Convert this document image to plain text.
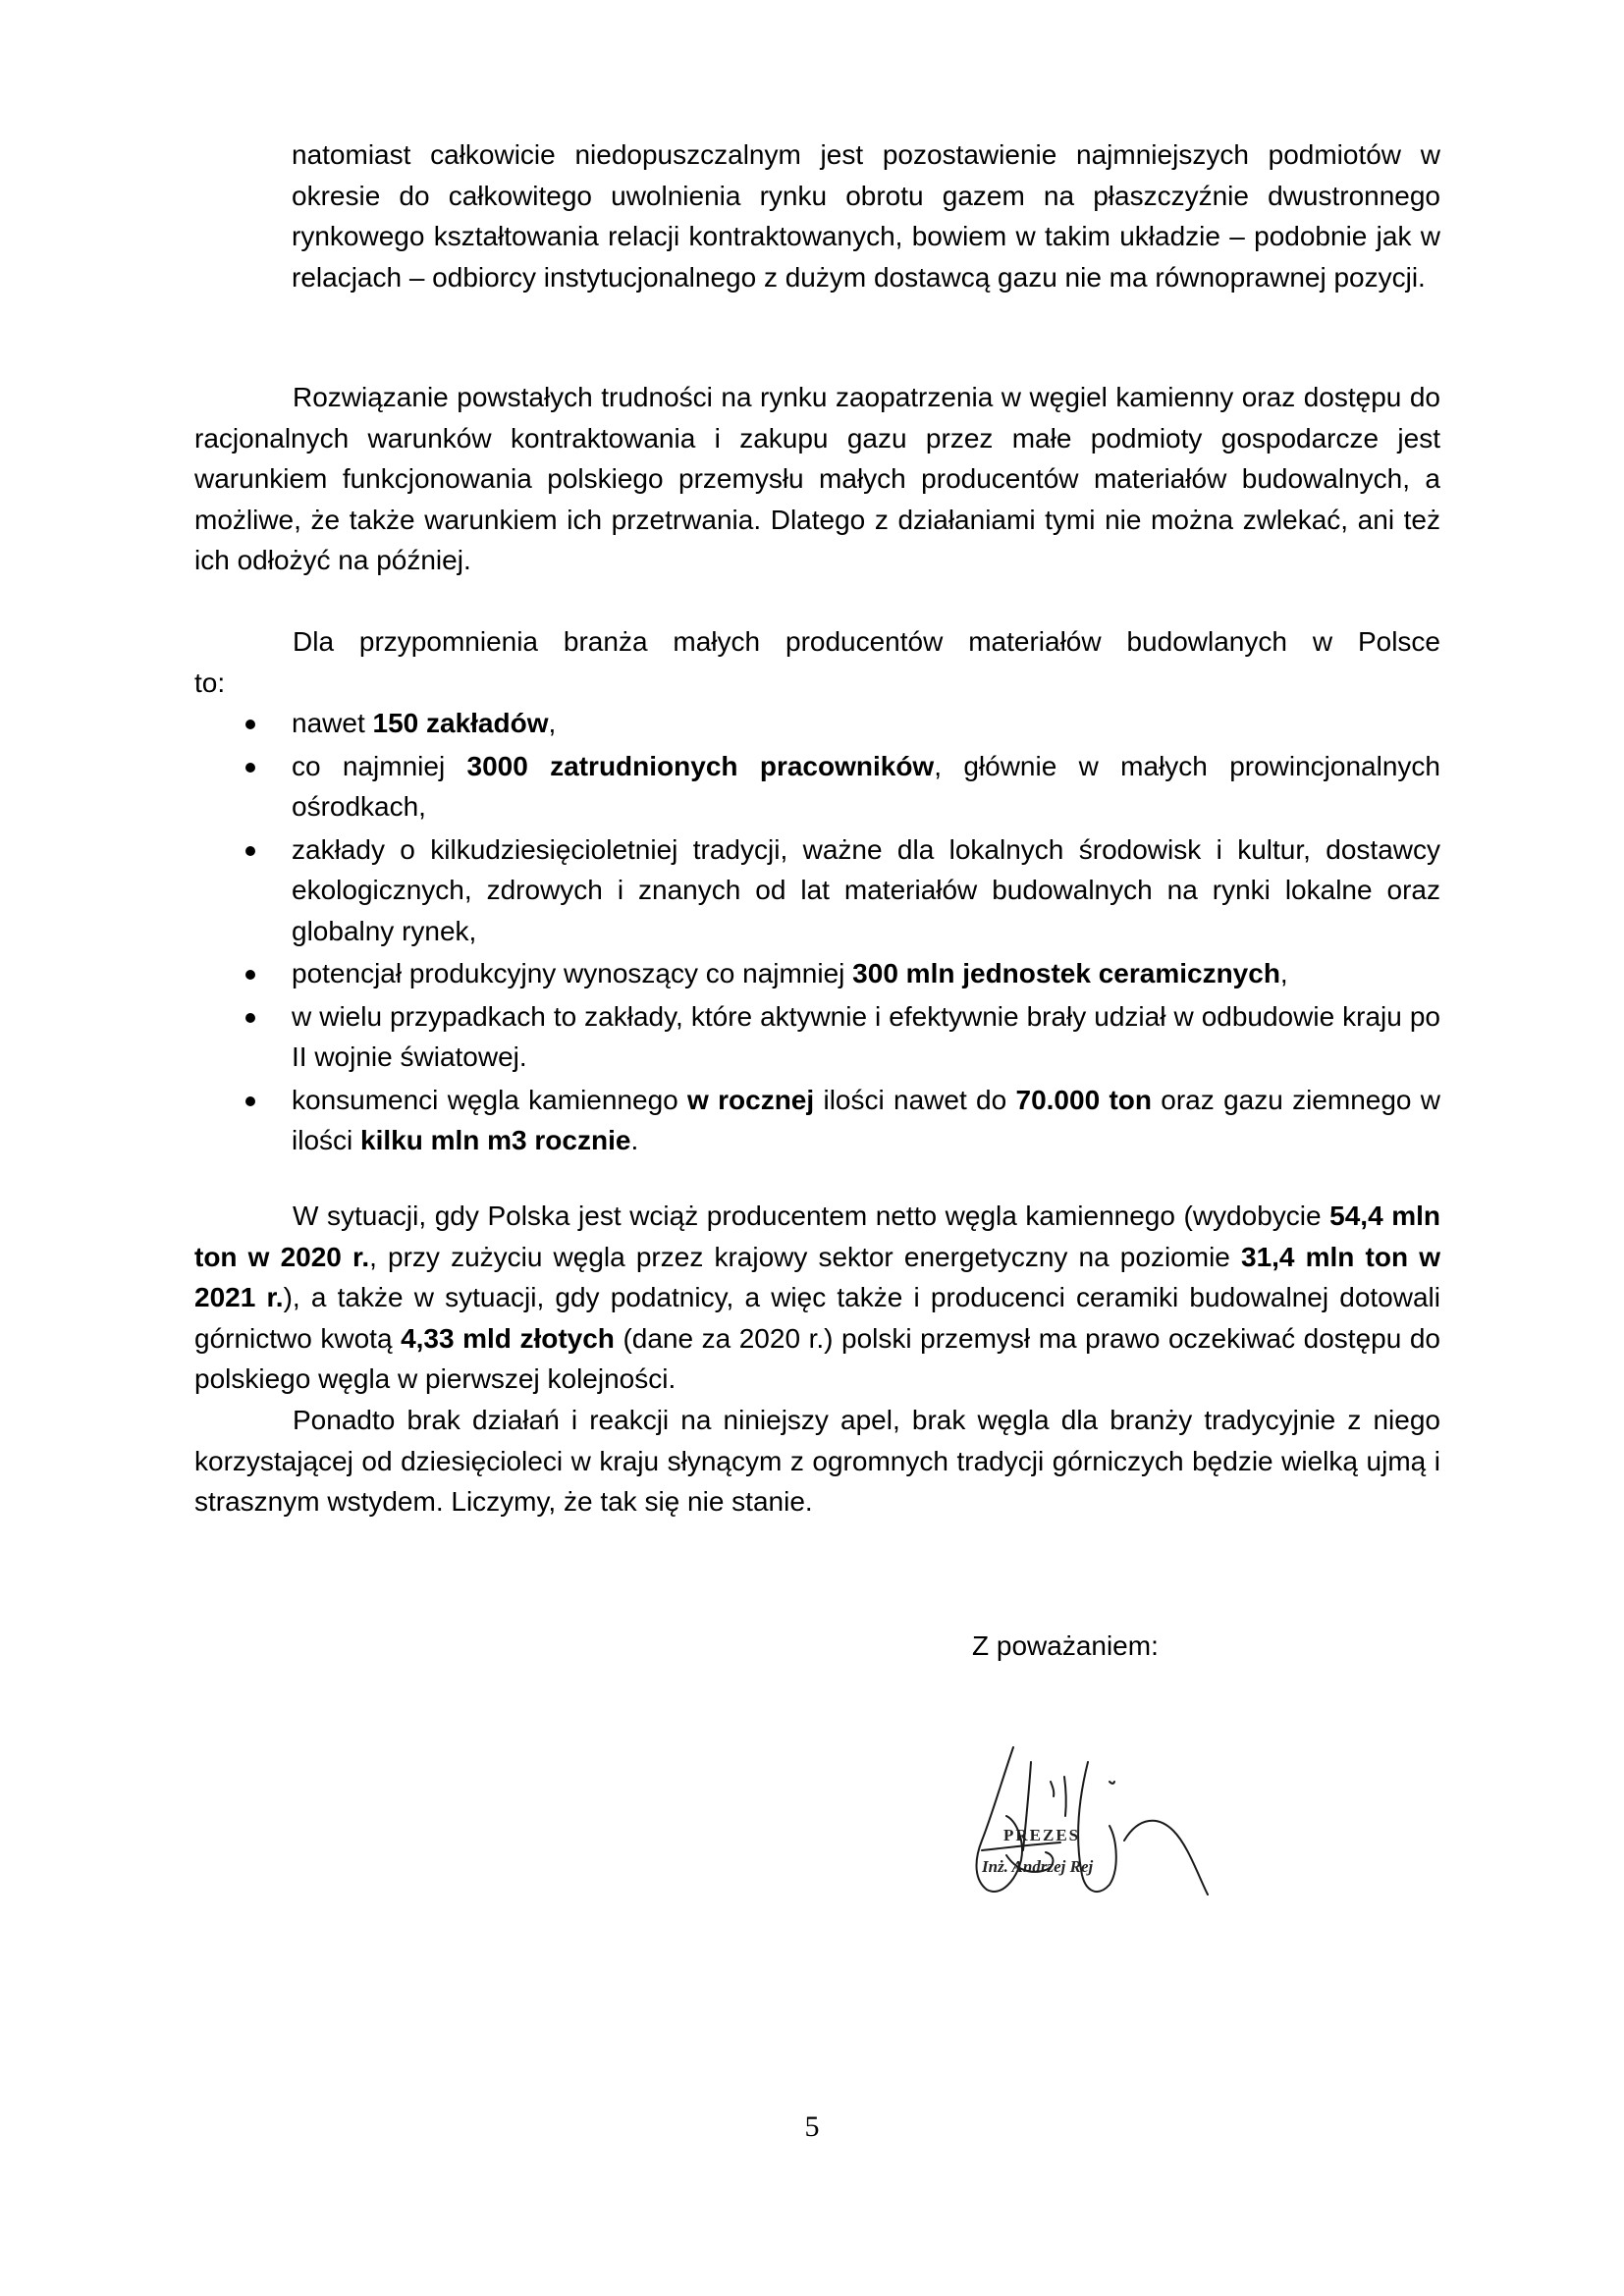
natomiast całkowicie niedopuszczalnym jest pozostawienie najmniejszych podmiotów w okresie do całkowitego uwolnienia rynku obrotu gazem na płaszczyźnie dwustronnego rynkowego kształtowania relacji kontraktowanych, bowiem w takim układzie – podobnie jak w relacjach – odbiorcy instytucjonalnego z dużym dostawcą gazu nie ma równoprawnej pozycji.

Rozwiązanie powstałych trudności na rynku zaopatrzenia w węgiel kamienny oraz dostępu do racjonalnych warunków kontraktowania i zakupu gazu przez małe podmioty gospodarcze jest warunkiem funkcjonowania polskiego przemysłu małych producentów materiałów budowalnych, a możliwe, że także warunkiem ich przetrwania. Dlatego z działaniami tymi nie można zwlekać, ani też ich odłożyć na później.

Dla przypomnienia branża małych producentów materiałów budowlanych w Polsce
to:
nawet 150 zakładów,
co najmniej 3000 zatrudnionych pracowników, głównie w małych prowincjonalnych ośrodkach,
zakłady o kilkudziesięcioletniej tradycji, ważne dla lokalnych środowisk i kultur, dostawcy ekologicznych, zdrowych i znanych od lat materiałów budowalnych na rynki lokalne oraz globalny rynek,
potencjał produkcyjny wynoszący co najmniej 300 mln jednostek ceramicznych,
w wielu przypadkach to zakłady, które aktywnie i efektywnie brały udział w odbudowie kraju po II wojnie światowej.
konsumenci węgla kamiennego w rocznej ilości nawet do 70.000 ton oraz gazu ziemnego w ilości kilku mln m3 rocznie.

W sytuacji, gdy Polska jest wciąż producentem netto węgla kamiennego (wydobycie 54,4 mln ton w 2020 r., przy zużyciu węgla przez krajowy sektor energetyczny na poziomie 31,4 mln ton w 2021 r.), a także w sytuacji, gdy podatnicy, a więc także i producenci ceramiki budowalnej dotowali górnictwo kwotą 4,33 mld złotych (dane za 2020 r.) polski przemysł ma prawo oczekiwać dostępu do polskiego węgla w pierwszej kolejności.

Ponadto brak działań i reakcji na niniejszy apel, brak węgla dla branży tradycyjnie z niego korzystającej od dziesięcioleci w kraju słynącym z ogromnych tradycji górniczych będzie wielką ujmą i strasznym wstydem. Liczymy, że tak się nie stanie.

Z poważaniem:
PREZES
Inż. Andrzej Rej
5
